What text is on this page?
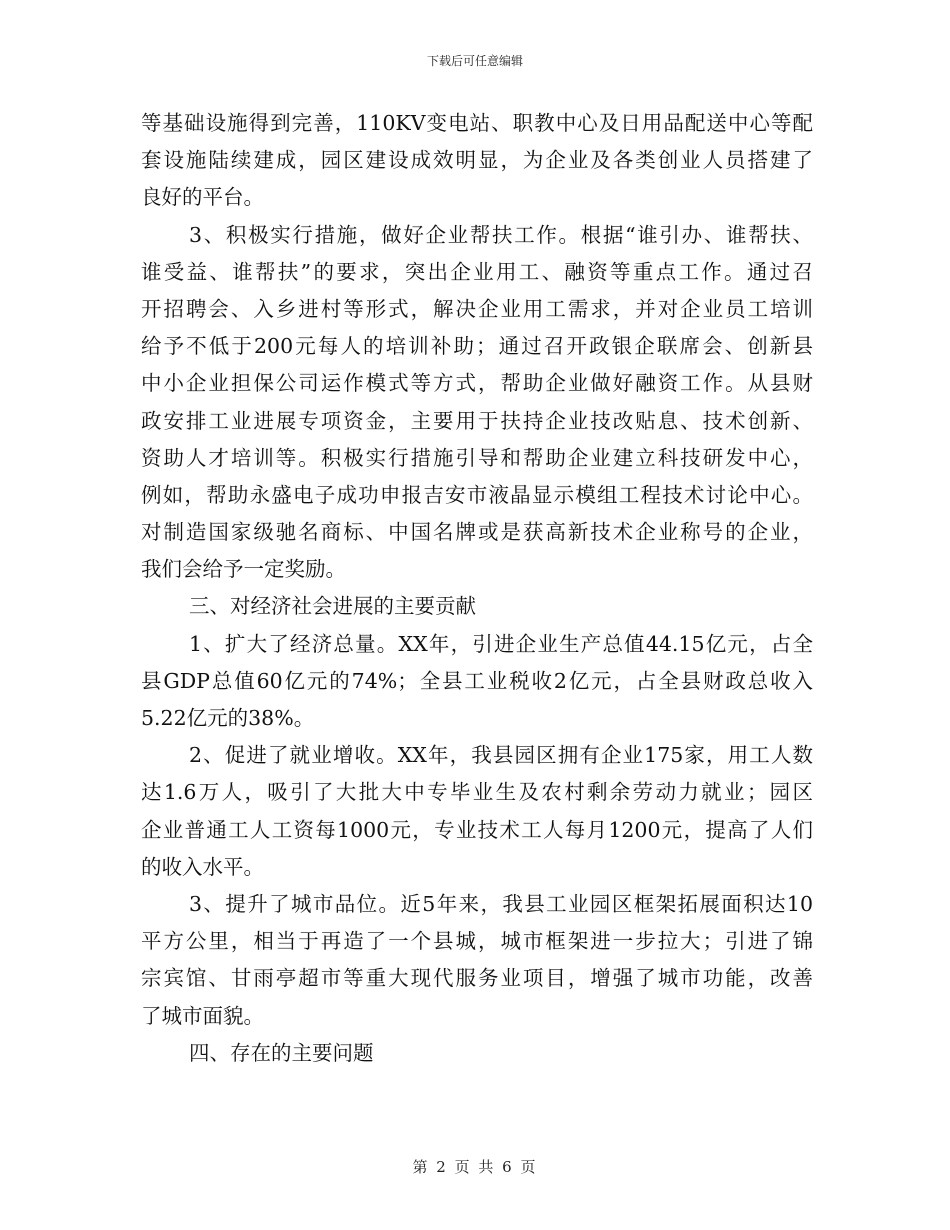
下载后可任意编辑
等基础设施得到完善，110KV变电站、职教中心及日用品配送中心等配
套设施陆续建成，园区建设成效明显，为企业及各类创业人员搭建了
良好的平台。
3、积极实行措施，做好企业帮扶工作。根据“谁引办、谁帮扶、
谁受益、谁帮扶”的要求，突出企业用工、融资等重点工作。通过召
开招聘会、入乡进村等形式，解决企业用工需求，并对企业员工培训
给予不低于200元每人的培训补助；通过召开政银企联席会、创新县
中小企业担保公司运作模式等方式，帮助企业做好融资工作。从县财
政安排工业进展专项资金，主要用于扶持企业技改贴息、技术创新、
资助人才培训等。积极实行措施引导和帮助企业建立科技研发中心，
例如，帮助永盛电子成功申报吉安市液晶显示模组工程技术讨论中心。
对制造国家级驰名商标、中国名牌或是获高新技术企业称号的企业，
我们会给予一定奖励。
三、对经济社会进展的主要贡献
1、扩大了经济总量。XX年，引进企业生产总值44.15亿元，占全
县GDP总值60亿元的74%；全县工业税收2亿元，占全县财政总收入
5.22亿元的38%。
2、促进了就业增收。XX年，我县园区拥有企业175家，用工人数
达1.6万人，吸引了大批大中专毕业生及农村剩余劳动力就业；园区
企业普通工人工资每1000元，专业技术工人每月1200元，提高了人们
的收入水平。
3、提升了城市品位。近5年来，我县工业园区框架拓展面积达10
平方公里，相当于再造了一个县城，城市框架进一步拉大；引进了锦
宗宾馆、甘雨亭超市等重大现代服务业项目，增强了城市功能，改善
了城市面貌。
四、存在的主要问题
第 2 页 共 6 页
